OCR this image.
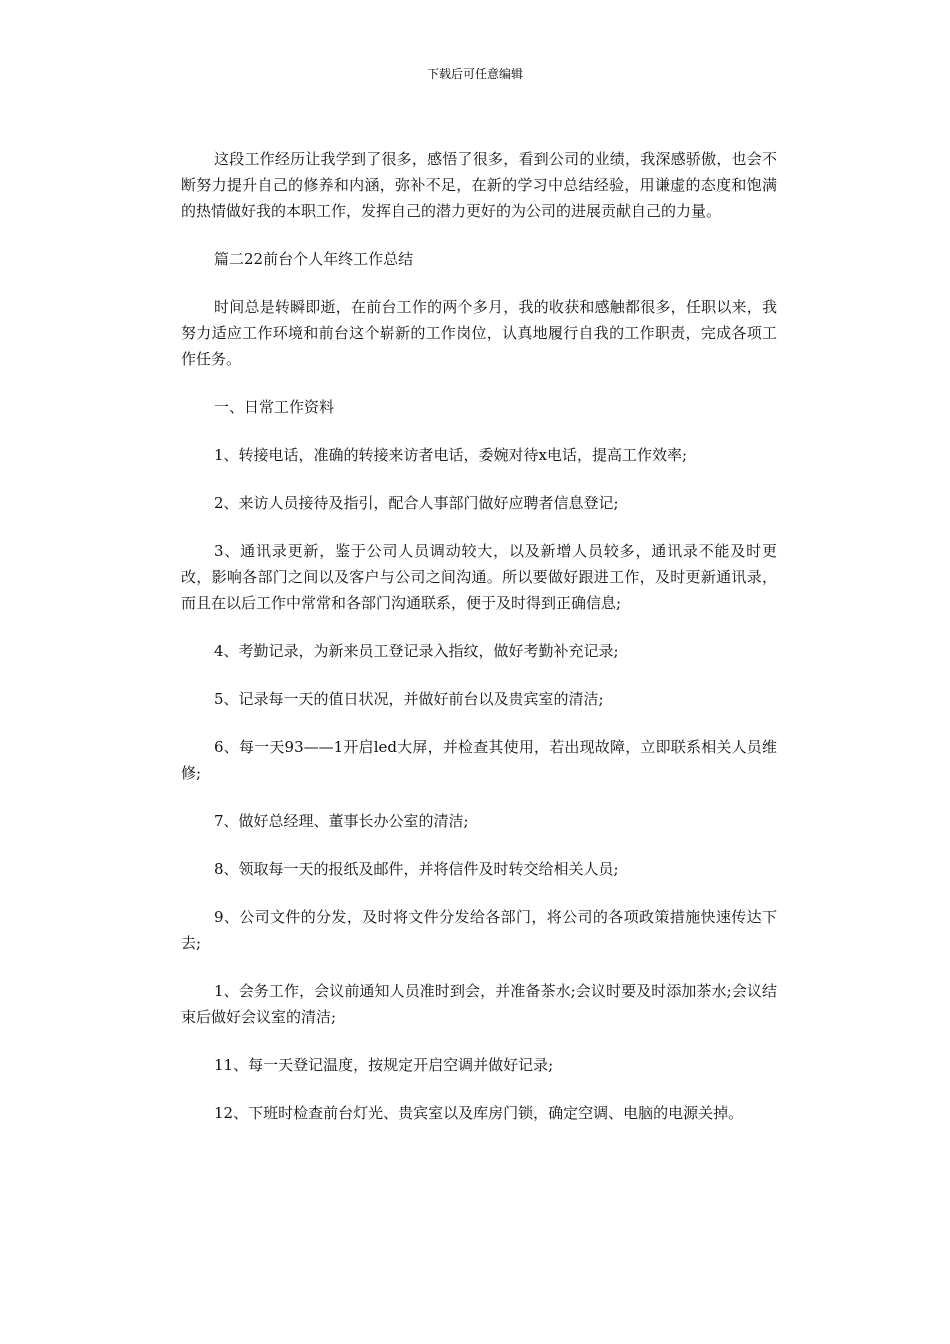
下载后可任意编辑

这段工作经历让我学到了很多，感悟了很多，看到公司的业绩，我深感骄傲，也会不断努力提升自己的修养和内涵，弥补不足，在新的学习中总结经验，用谦虚的态度和饱满的热情做好我的本职工作，发挥自己的潜力更好的为公司的进展贡献自己的力量。

篇二22前台个人年终工作总结

时间总是转瞬即逝，在前台工作的两个多月，我的收获和感触都很多，任职以来，我努力适应工作环境和前台这个崭新的工作岗位，认真地履行自我的工作职责，完成各项工作任务。

一、日常工作资料

1、转接电话，准确的转接来访者电话，委婉对待x电话，提高工作效率;

2、来访人员接待及指引，配合人事部门做好应聘者信息登记;

3、通讯录更新，鉴于公司人员调动较大，以及新增人员较多，通讯录不能及时更改，影响各部门之间以及客户与公司之间沟通。所以要做好跟进工作，及时更新通讯录，而且在以后工作中常常和各部门沟通联系，便于及时得到正确信息;

4、考勤记录，为新来员工登记录入指纹，做好考勤补充记录;

5、记录每一天的值日状况，并做好前台以及贵宾室的清洁;

6、每一天93——1开启led大屏，并检查其使用，若出现故障，立即联系相关人员维修;

7、做好总经理、董事长办公室的清洁;

8、领取每一天的报纸及邮件，并将信件及时转交给相关人员;

9、公司文件的分发，及时将文件分发给各部门，将公司的各项政策措施快速传达下去;

1、会务工作，会议前通知人员准时到会，并准备茶水;会议时要及时添加茶水;会议结束后做好会议室的清洁;

11、每一天登记温度，按规定开启空调并做好记录;

12、下班时检查前台灯光、贵宾室以及库房门锁，确定空调、电脑的电源关掉。
